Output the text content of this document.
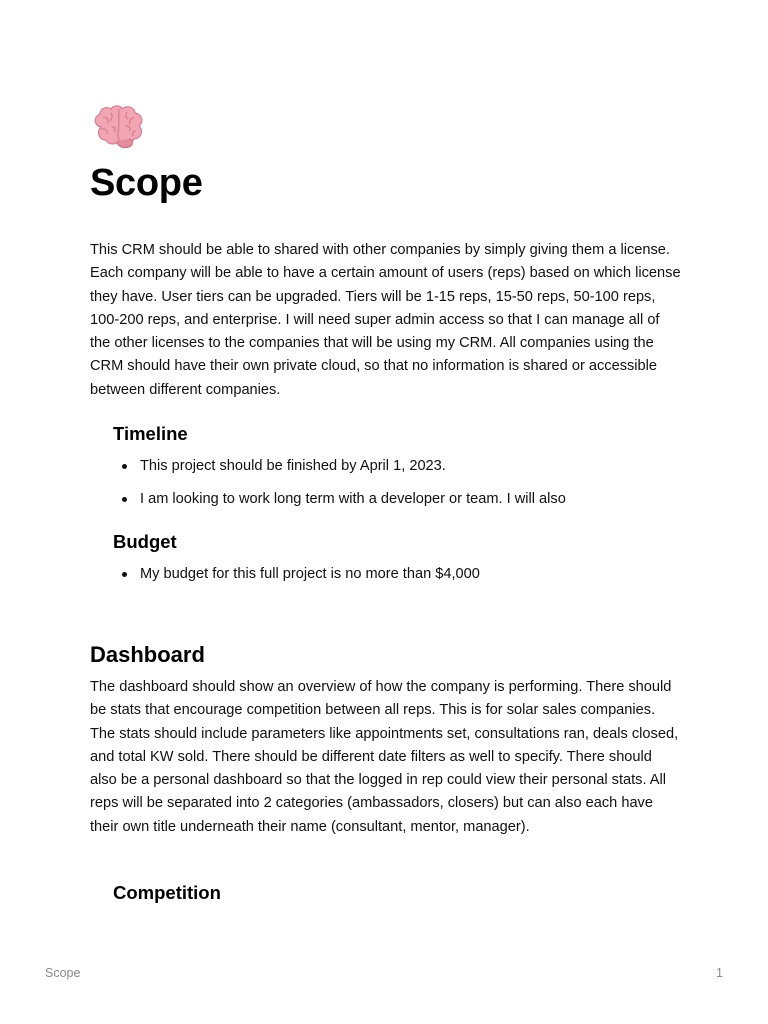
Scope

This CRM should be able to shared with other companies by simply giving them a license. Each company will be able to have a certain amount of users (reps) based on which license they have. User tiers can be upgraded. Tiers will be 1-15 reps, 15-50 reps, 50-100 reps, 100-200 reps, and enterprise. I will need super admin access so that I can manage all of the other licenses to the companies that will be using my CRM. All companies using the CRM should have their own private cloud, so that no information is shared or accessible between different companies.

Timeline
This project should be finished by April 1, 2023.
I am looking to work long term with a developer or team. I will also
Budget
My budget for this full project is no more than $4,000
Dashboard

The dashboard should show an overview of how the company is performing. There should be stats that encourage competition between all reps. This is for solar sales companies. The stats should include parameters like appointments set, consultations ran, deals closed, and total KW sold. There should be different date filters as well to specify. There should also be a personal dashboard so that the logged in rep could view their personal stats. All reps will be separated into 2 categories (ambassadors, closers) but can also each have their own title underneath their name (consultant, mentor, manager).

Competition
Scope	1
